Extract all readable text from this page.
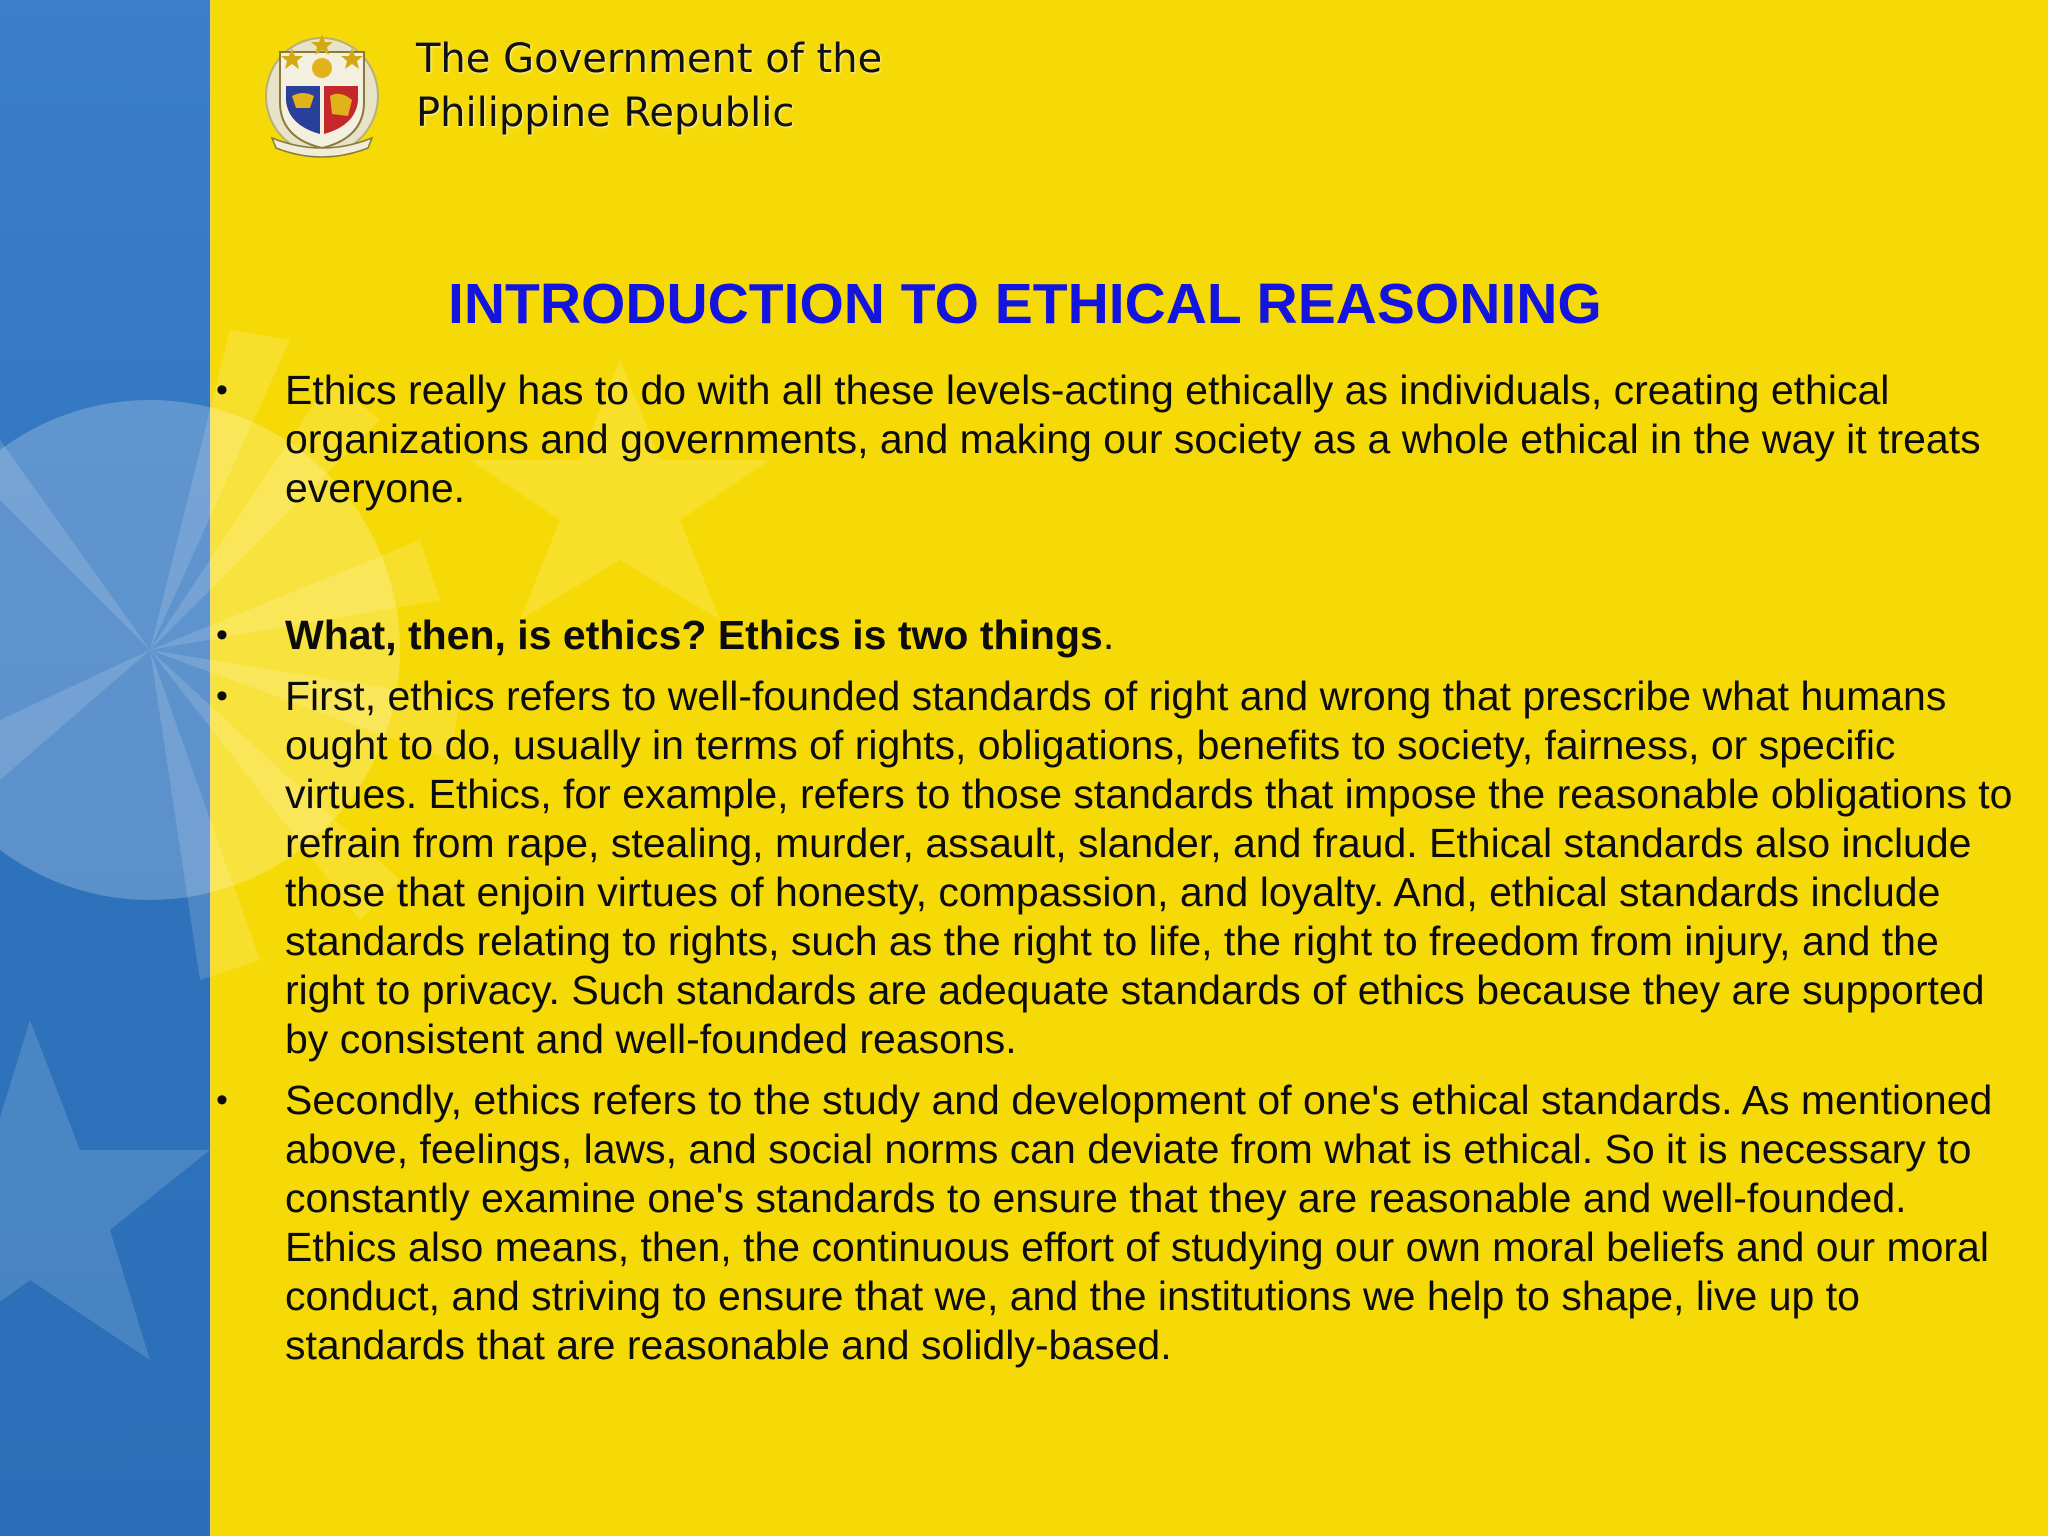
The Government of the
Philippine Republic
INTRODUCTION TO ETHICAL REASONING
•	Ethics really has to do with all these levels-acting ethically as individuals, creating ethical organizations and governments, and making our society as a whole ethical in the way it treats everyone.
•	What, then, is ethics? Ethics is two things.
•	First, ethics refers to well-founded standards of right and wrong that prescribe what humans ought to do, usually in terms of rights, obligations, benefits to society, fairness, or specific virtues. Ethics, for example, refers to those standards that impose the reasonable obligations to refrain from rape, stealing, murder, assault, slander, and fraud. Ethical standards also include those that enjoin virtues of honesty, compassion, and loyalty. And, ethical standards include standards relating to rights, such as the right to life, the right to freedom from injury, and the right to privacy. Such standards are adequate standards of ethics because they are supported by consistent and well-founded reasons.
•	Secondly, ethics refers to the study and development of one's ethical standards. As mentioned above, feelings, laws, and social norms can deviate from what is ethical. So it is necessary to constantly examine one's standards to ensure that they are reasonable and well-founded. Ethics also means, then, the continuous effort of studying our own moral beliefs and our moral conduct, and striving to ensure that we, and the institutions we help to shape, live up to standards that are reasonable and solidly-based.
